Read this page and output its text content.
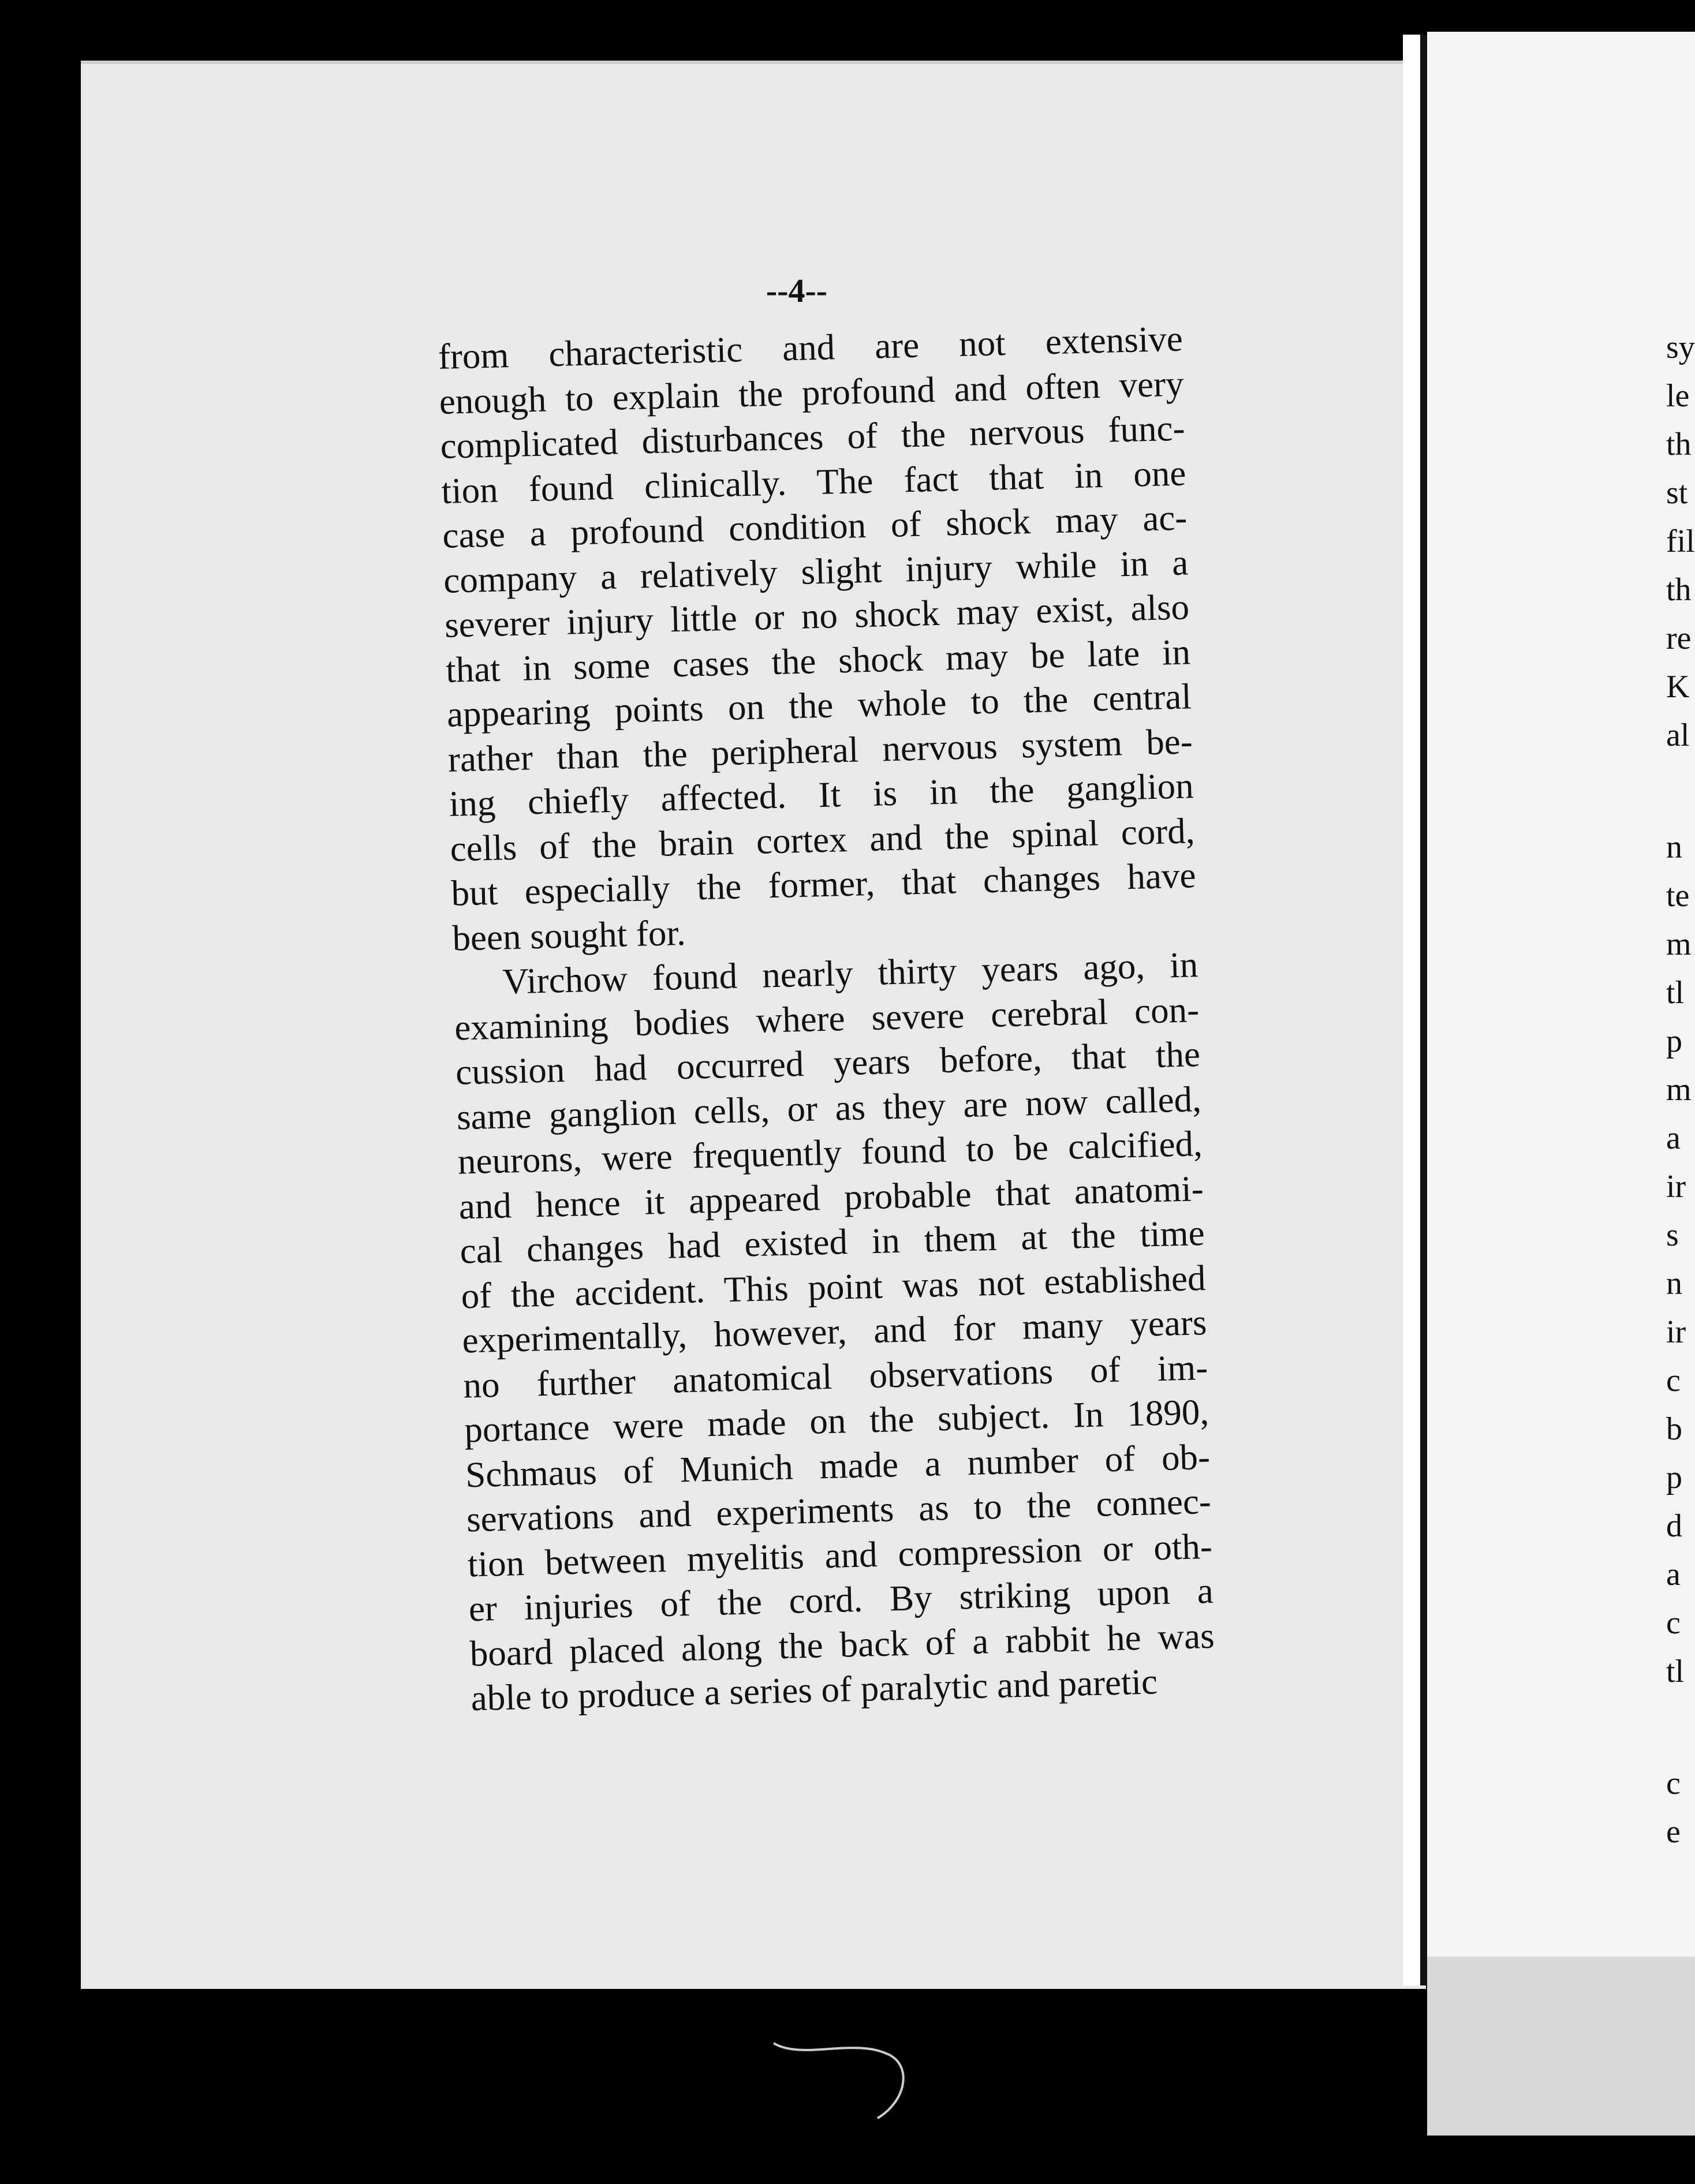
--4--
from characteristic and are not extensive
enough to explain the profound and often very
complicated disturbances of the nervous func-
tion found clinically. The fact that in one
case a profound condition of shock may ac-
company a relatively slight injury while in a
severer injury little or no shock may exist, also
that in some cases the shock may be late in
appearing points on the whole to the central
rather than the peripheral nervous system be-
ing chiefly affected. It is in the ganglion
cells of the brain cortex and the spinal cord,
but especially the former, that changes have
been sought for.
Virchow found nearly thirty years ago, in
examining bodies where severe cerebral con-
cussion had occurred years before, that the
same ganglion cells, or as they are now called,
neurons, were frequently found to be calcified,
and hence it appeared probable that anatomi-
cal changes had existed in them at the time
of the accident. This point was not established
experimentally, however, and for many years
no further anatomical observations of im-
portance were made on the subject. In 1890,
Schmaus of Munich made a number of ob-
servations and experiments as to the connec-
tion between myelitis and compression or oth-
er injuries of the cord. By striking upon a
board placed along the back of a rabbit he was
able to produce a series of paralytic and paretic
sy
le
th
st
fil
th
re
K
al
n
te
m
tl
p
m
a
ir
s
n
ir
c
b
p
d
a
c
tl
c
e
